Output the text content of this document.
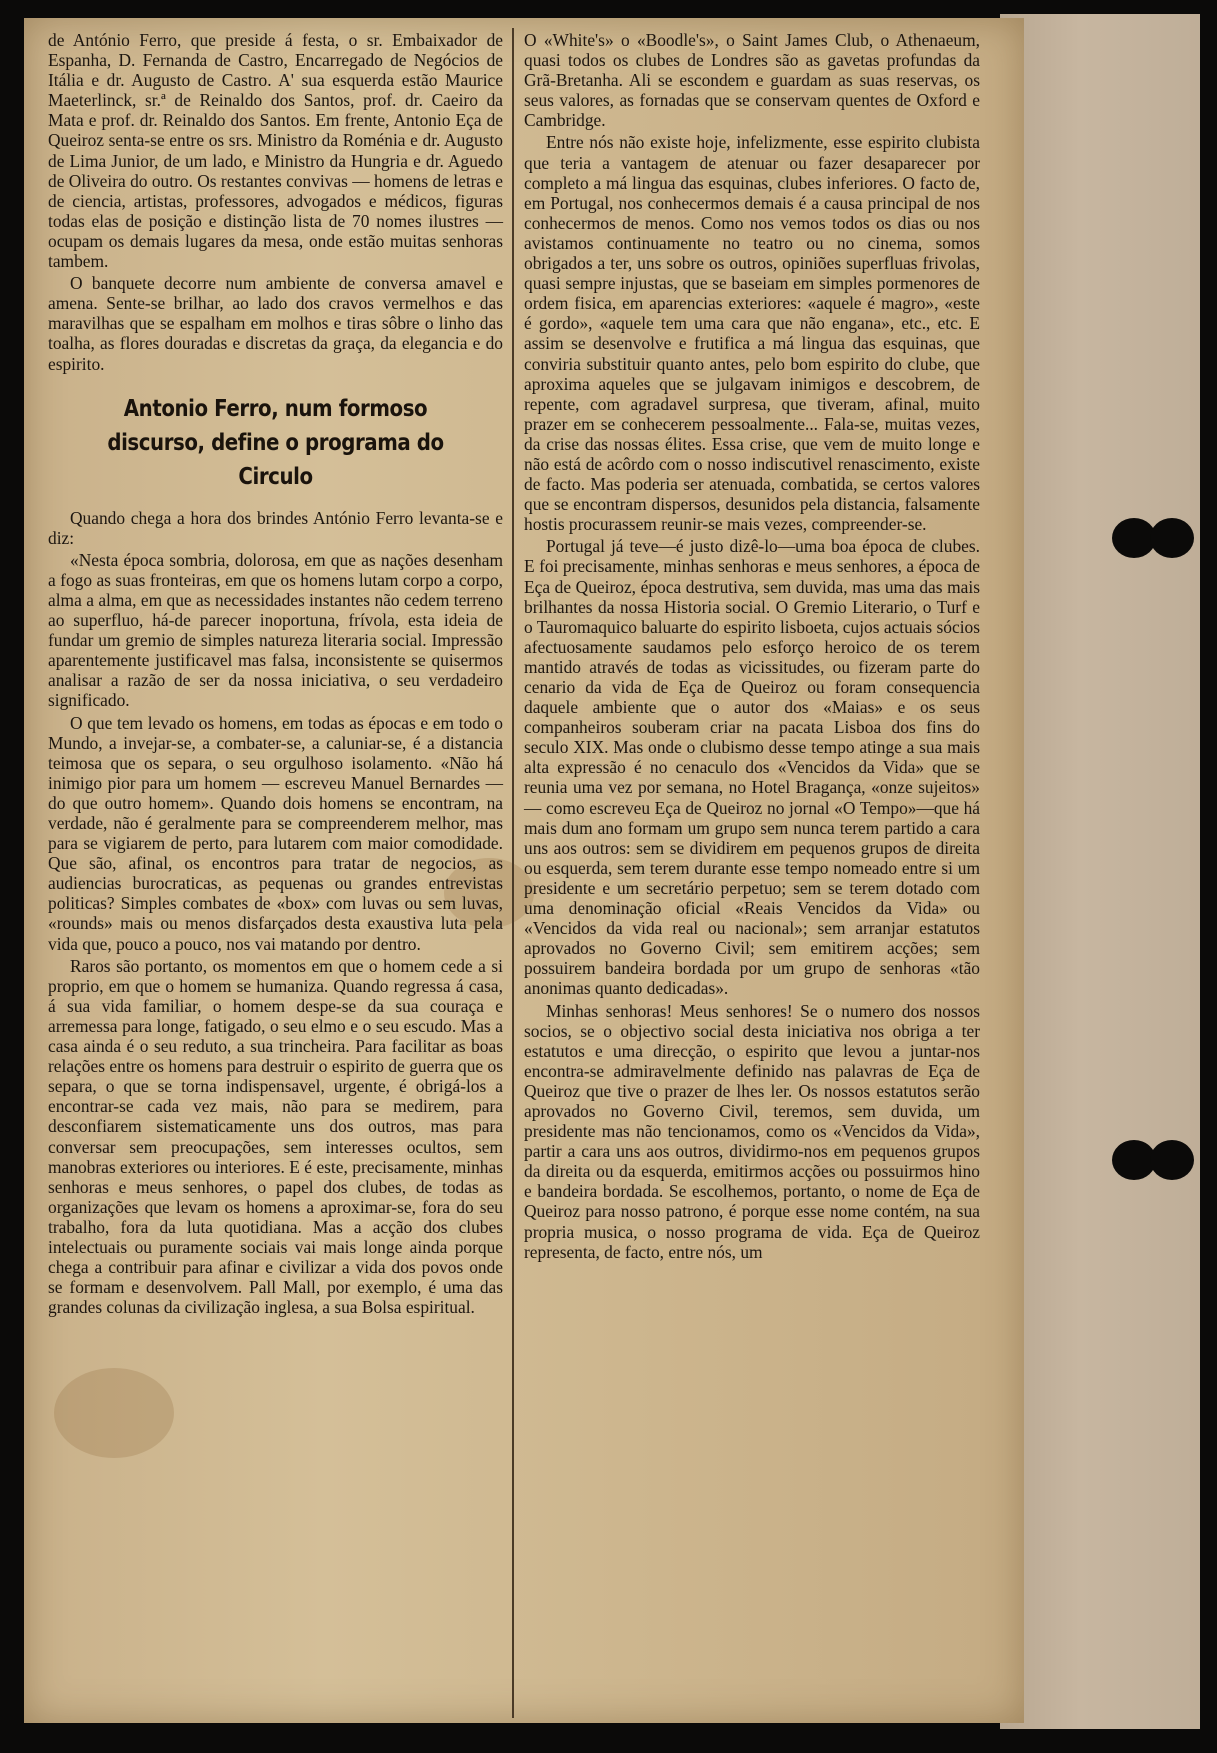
de António Ferro, que preside á festa, o sr. Embaixador de Espanha, D. Fernanda de Castro, Encarregado de Negócios de Itália e dr. Augusto de Castro. A' sua esquerda estão Maurice Maeterlinck, sr.ª de Reinaldo dos Santos, prof. dr. Caeiro da Mata e prof. dr. Reinaldo dos Santos. Em frente, Antonio Eça de Queiroz senta-se entre os srs. Ministro da Roménia e dr. Augusto de Lima Junior, de um lado, e Ministro da Hungria e dr. Aguedo de Oliveira do outro. Os restantes convivas — homens de letras e de ciencia, artistas, professores, advogados e médicos, figuras todas elas de posição e distinção lista de 70 nomes ilustres — ocupam os demais lugares da mesa, onde estão muitas senhoras tambem.

O banquete decorre num ambiente de conversa amavel e amena. Sente-se brilhar, ao lado dos cravos vermelhos e das maravilhas que se espalham em molhos e tiras sôbre o linho das toalha, as flores douradas e discretas da graça, da elegancia e do espirito.

Antonio Ferro, num formoso discurso, define o programa do Circulo

Quando chega a hora dos brindes António Ferro levanta-se e diz:

«Nesta época sombria, dolorosa, em que as nações desenham a fogo as suas fronteiras, em que os homens lutam corpo a corpo, alma a alma, em que as necessidades instantes não cedem terreno ao superfluo, há-de parecer inoportuna, frívola, esta ideia de fundar um gremio de simples natureza literaria social. Impressão aparentemente justificavel mas falsa, inconsistente se quisermos analisar a razão de ser da nossa iniciativa, o seu verdadeiro significado.

O que tem levado os homens, em todas as épocas e em todo o Mundo, a invejar-se, a combater-se, a caluniar-se, é a distancia teimosa que os separa, o seu orgulhoso isolamento. «Não há inimigo pior para um homem — escreveu Manuel Bernardes — do que outro homem». Quando dois homens se encontram, na verdade, não é geralmente para se compreenderem melhor, mas para se vigiarem de perto, para lutarem com maior comodidade. Que são, afinal, os encontros para tratar de negocios, as audiencias burocraticas, as pequenas ou grandes entrevistas politicas? Simples combates de «box» com luvas ou sem luvas, «rounds» mais ou menos disfarçados desta exaustiva luta pela vida que, pouco a pouco, nos vai matando por dentro.

Raros são portanto, os momentos em que o homem cede a si proprio, em que o homem se humaniza. Quando regressa á casa, á sua vida familiar, o homem despe-se da sua couraça e arremessa para longe, fatigado, o seu elmo e o seu escudo. Mas a casa ainda é o seu reduto, a sua trincheira. Para facilitar as boas relações entre os homens para destruir o espirito de guerra que os separa, o que se torna indispensavel, urgente, é obrigá-los a encontrar-se cada vez mais, não para se medirem, para desconfiarem sistematicamente uns dos outros, mas para conversar sem preocupações, sem interesses ocultos, sem manobras exteriores ou interiores. E é este, precisamente, minhas senhoras e meus senhores, o papel dos clubes, de todas as organizações que levam os homens a aproximar-se, fora do seu trabalho, fora da luta quotidiana. Mas a acção dos clubes intelectuais ou puramente sociais vai mais longe ainda porque chega a contribuir para afinar e civilizar a vida dos povos onde se formam e desenvolvem. Pall Mall, por exemplo, é uma das grandes colunas da civilização inglesa, a sua Bolsa espiritual.

O «White's» o «Boodle's», o Saint James Club, o Athenaeum, quasi todos os clubes de Londres são as gavetas profundas da Grã-Bretanha. Ali se escondem e guardam as suas reservas, os seus valores, as fornadas que se conservam quentes de Oxford e Cambridge.

Entre nós não existe hoje, infelizmente, esse espirito clubista que teria a vantagem de atenuar ou fazer desaparecer por completo a má lingua das esquinas, clubes inferiores. O facto de, em Portugal, nos conhecermos demais é a causa principal de nos conhecermos de menos. Como nos vemos todos os dias ou nos avistamos continuamente no teatro ou no cinema, somos obrigados a ter, uns sobre os outros, opiniões superfluas frivolas, quasi sempre injustas, que se baseiam em simples pormenores de ordem fisica, em aparencias exteriores: «aquele é magro», «este é gordo», «aquele tem uma cara que não engana», etc., etc. E assim se desenvolve e frutifica a má lingua das esquinas, que conviria substituir quanto antes, pelo bom espirito do clube, que aproxima aqueles que se julgavam inimigos e descobrem, de repente, com agradavel surpresa, que tiveram, afinal, muito prazer em se conhecerem pessoalmente... Fala-se, muitas vezes, da crise das nossas élites. Essa crise, que vem de muito longe e não está de acôrdo com o nosso indiscutivel renascimento, existe de facto. Mas poderia ser atenuada, combatida, se certos valores que se encontram dispersos, desunidos pela distancia, falsamente hostis procurassem reunir-se mais vezes, compreender-se.

Portugal já teve—é justo dizê-lo—uma boa época de clubes. E foi precisamente, minhas senhoras e meus senhores, a época de Eça de Queiroz, época destrutiva, sem duvida, mas uma das mais brilhantes da nossa Historia social. O Gremio Literario, o Turf e o Tauromaquico baluarte do espirito lisboeta, cujos actuais sócios afectuosamente saudamos pelo esforço heroico de os terem mantido através de todas as vicissitudes, ou fizeram parte do cenario da vida de Eça de Queiroz ou foram consequencia daquele ambiente que o autor dos «Maias» e os seus companheiros souberam criar na pacata Lisboa dos fins do seculo XIX. Mas onde o clubismo desse tempo atinge a sua mais alta expressão é no cenaculo dos «Vencidos da Vida» que se reunia uma vez por semana, no Hotel Bragança, «onze sujeitos» — como escreveu Eça de Queiroz no jornal «O Tempo»—que há mais dum ano formam um grupo sem nunca terem partido a cara uns aos outros: sem se dividirem em pequenos grupos de direita ou esquerda, sem terem durante esse tempo nomeado entre si um presidente e um secretário perpetuo; sem se terem dotado com uma denominação oficial «Reais Vencidos da Vida» ou «Vencidos da vida real ou nacional»; sem arranjar estatutos aprovados no Governo Civil; sem emitirem acções; sem possuirem bandeira bordada por um grupo de senhoras «tão anonimas quanto dedicadas».

Minhas senhoras! Meus senhores! Se o numero dos nossos socios, se o objectivo social desta iniciativa nos obriga a ter estatutos e uma direcção, o espirito que levou a juntar-nos encontra-se admiravelmente definido nas palavras de Eça de Queiroz que tive o prazer de lhes ler. Os nossos estatutos serão aprovados no Governo Civil, teremos, sem duvida, um presidente mas não tencionamos, como os «Vencidos da Vida», partir a cara uns aos outros, dividirmo-nos em pequenos grupos da direita ou da esquerda, emitirmos acções ou possuirmos hino e bandeira bordada. Se escolhemos, portanto, o nome de Eça de Queiroz para nosso patrono, é porque esse nome contém, na sua propria musica, o nosso programa de vida. Eça de Queiroz representa, de facto, entre nós, um
